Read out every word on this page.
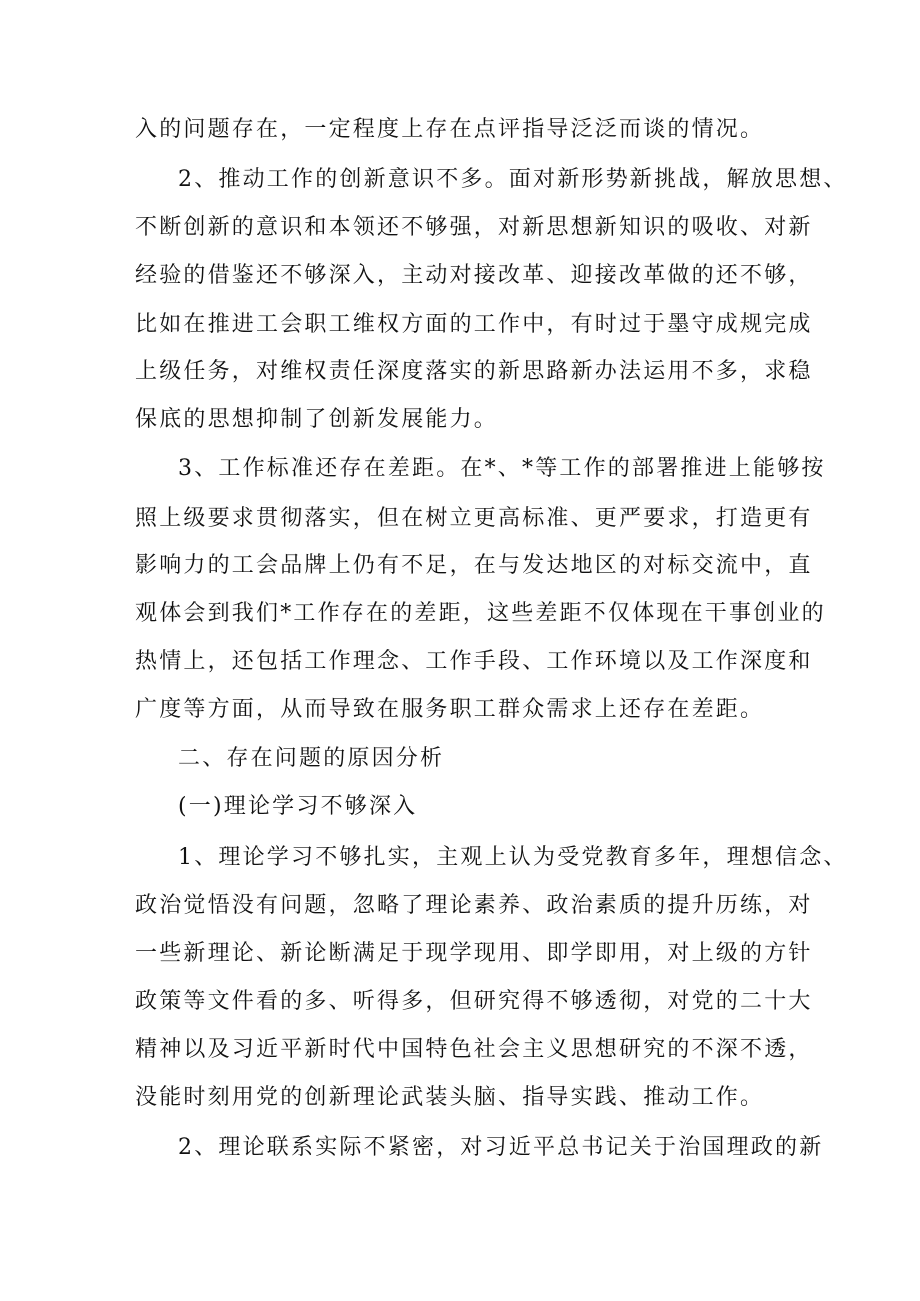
入的问题存在，一定程度上存在点评指导泛泛而谈的情况。
2、推动工作的创新意识不多。面对新形势新挑战，解放思想、
不断创新的意识和本领还不够强，对新思想新知识的吸收、对新
经验的借鉴还不够深入，主动对接改革、迎接改革做的还不够，
比如在推进工会职工维权方面的工作中，有时过于墨守成规完成
上级任务，对维权责任深度落实的新思路新办法运用不多，求稳
保底的思想抑制了创新发展能力。
3、工作标准还存在差距。在*、*等工作的部署推进上能够按
照上级要求贯彻落实，但在树立更高标准、更严要求，打造更有
影响力的工会品牌上仍有不足，在与发达地区的对标交流中，直
观体会到我们*工作存在的差距，这些差距不仅体现在干事创业的
热情上，还包括工作理念、工作手段、工作环境以及工作深度和
广度等方面，从而导致在服务职工群众需求上还存在差距。
二、存在问题的原因分析
(一)理论学习不够深入
1、理论学习不够扎实，主观上认为受党教育多年，理想信念、
政治觉悟没有问题，忽略了理论素养、政治素质的提升历练，对
一些新理论、新论断满足于现学现用、即学即用，对上级的方针
政策等文件看的多、听得多，但研究得不够透彻，对党的二十大
精神以及习近平新时代中国特色社会主义思想研究的不深不透，
没能时刻用党的创新理论武装头脑、指导实践、推动工作。
2、理论联系实际不紧密，对习近平总书记关于治国理政的新
